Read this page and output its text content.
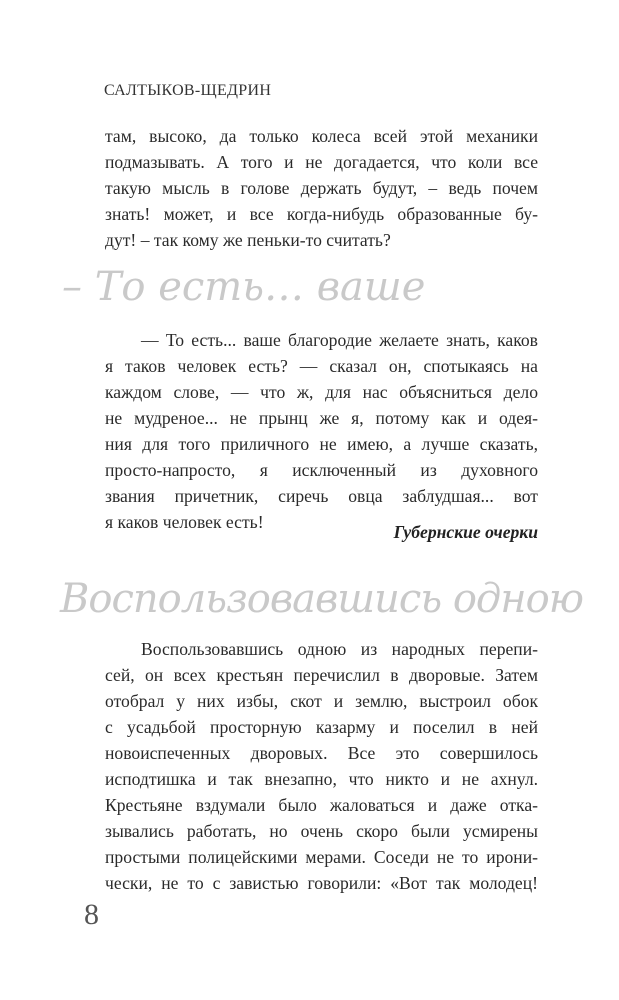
САЛТЫКОВ-ЩЕДРИН
там, высоко, да только колеса всей этой механики
подмазывать. А того и не догадается, что коли все
такую мысль в голове держать будут, – ведь почем
знать! может, и все когда-нибудь образованные бу-
дут! – так кому же пеньки-то считать?
– То есть… ваше
— То есть... ваше благородие желаете знать, каков
я таков человек есть? — сказал он, спотыкаясь на
каждом слове, — что ж, для нас объясниться дело
не мудреное... не прынц же я, потому как и одея-
ния для того приличного не имею, а лучше сказать,
просто-напросто, я исключенный из духовного
звания причетник, сиречь овца заблудшая... вот
я каков человек есть!	Губернские очерки
Воспользовавшись одною
Воспользовавшись одною из народных перепи-
сей, он всех крестьян перечислил в дворовые. Затем
отобрал у них избы, скот и землю, выстроил обок
с усадьбой просторную казарму и поселил в ней
новоиспеченных дворовых. Все это совершилось
исподтишка и так внезапно, что никто и не ахнул.
Крестьяне вздумали было жаловаться и даже отка-
зывались работать, но очень скоро были усмирены
простыми полицейскими мерами. Соседи не то ирони-
чески, не то с завистью говорили: «Вот так молодец!
8
